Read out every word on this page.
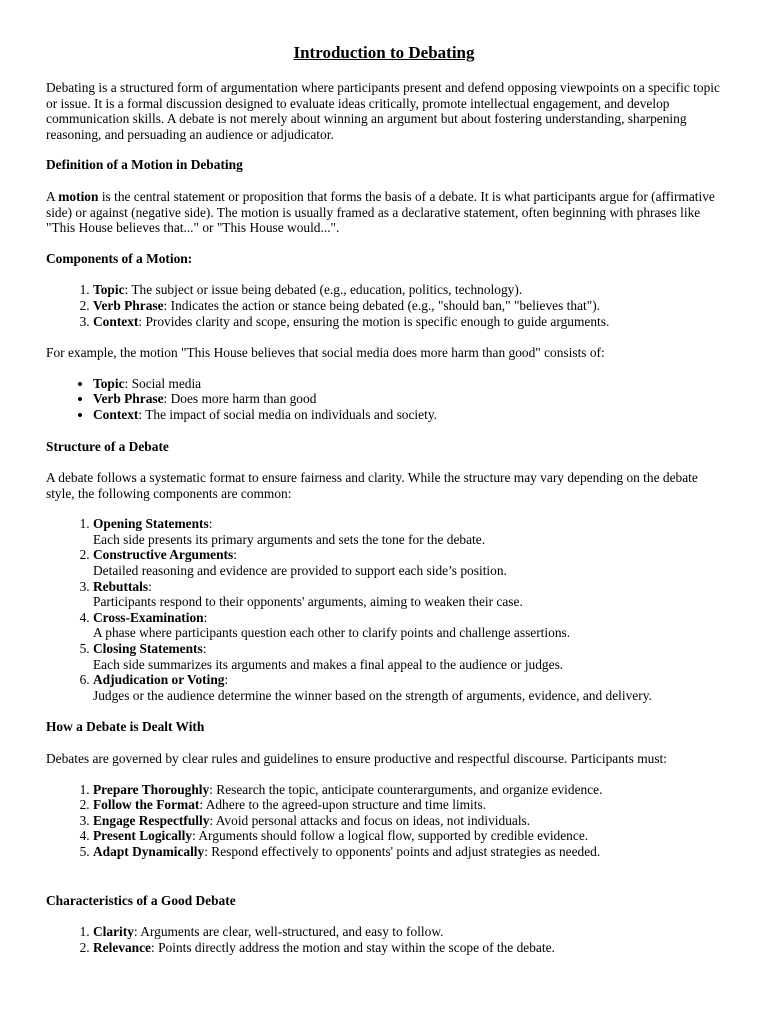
Introduction to Debating

Debating is a structured form of argumentation where participants present and defend opposing viewpoints on a specific topic or issue. It is a formal discussion designed to evaluate ideas critically, promote intellectual engagement, and develop communication skills. A debate is not merely about winning an argument but about fostering understanding, sharpening reasoning, and persuading an audience or adjudicator.

Definition of a Motion in Debating

A motion is the central statement or proposition that forms the basis of a debate. It is what participants argue for (affirmative side) or against (negative side). The motion is usually framed as a declarative statement, often beginning with phrases like "This House believes that..." or "This House would...".

Components of a Motion:
1. Topic: The subject or issue being debated (e.g., education, politics, technology).
2. Verb Phrase: Indicates the action or stance being debated (e.g., "should ban," "believes that").
3. Context: Provides clarity and scope, ensuring the motion is specific enough to guide arguments.

For example, the motion "This House believes that social media does more harm than good" consists of:

• Topic: Social media
• Verb Phrase: Does more harm than good
• Context: The impact of social media on individuals and society.
Structure of a Debate

A debate follows a systematic format to ensure fairness and clarity. While the structure may vary depending on the debate style, the following components are common:

1. Opening Statements:
Each side presents its primary arguments and sets the tone for the debate.
2. Constructive Arguments:
Detailed reasoning and evidence are provided to support each side’s position.
3. Rebuttals:
Participants respond to their opponents' arguments, aiming to weaken their case.
4. Cross-Examination:
A phase where participants question each other to clarify points and challenge assertions.
5. Closing Statements:
Each side summarizes its arguments and makes a final appeal to the audience or judges.
6. Adjudication or Voting:
Judges or the audience determine the winner based on the strength of arguments, evidence, and delivery.
How a Debate is Dealt With

Debates are governed by clear rules and guidelines to ensure productive and respectful discourse. Participants must:

1. Prepare Thoroughly: Research the topic, anticipate counterarguments, and organize evidence.
2. Follow the Format: Adhere to the agreed-upon structure and time limits.
3. Engage Respectfully: Avoid personal attacks and focus on ideas, not individuals.
4. Present Logically: Arguments should follow a logical flow, supported by credible evidence.
5. Adapt Dynamically: Respond effectively to opponents' points and adjust strategies as needed.
Characteristics of a Good Debate
1. Clarity: Arguments are clear, well-structured, and easy to follow.
2. Relevance: Points directly address the motion and stay within the scope of the debate.
